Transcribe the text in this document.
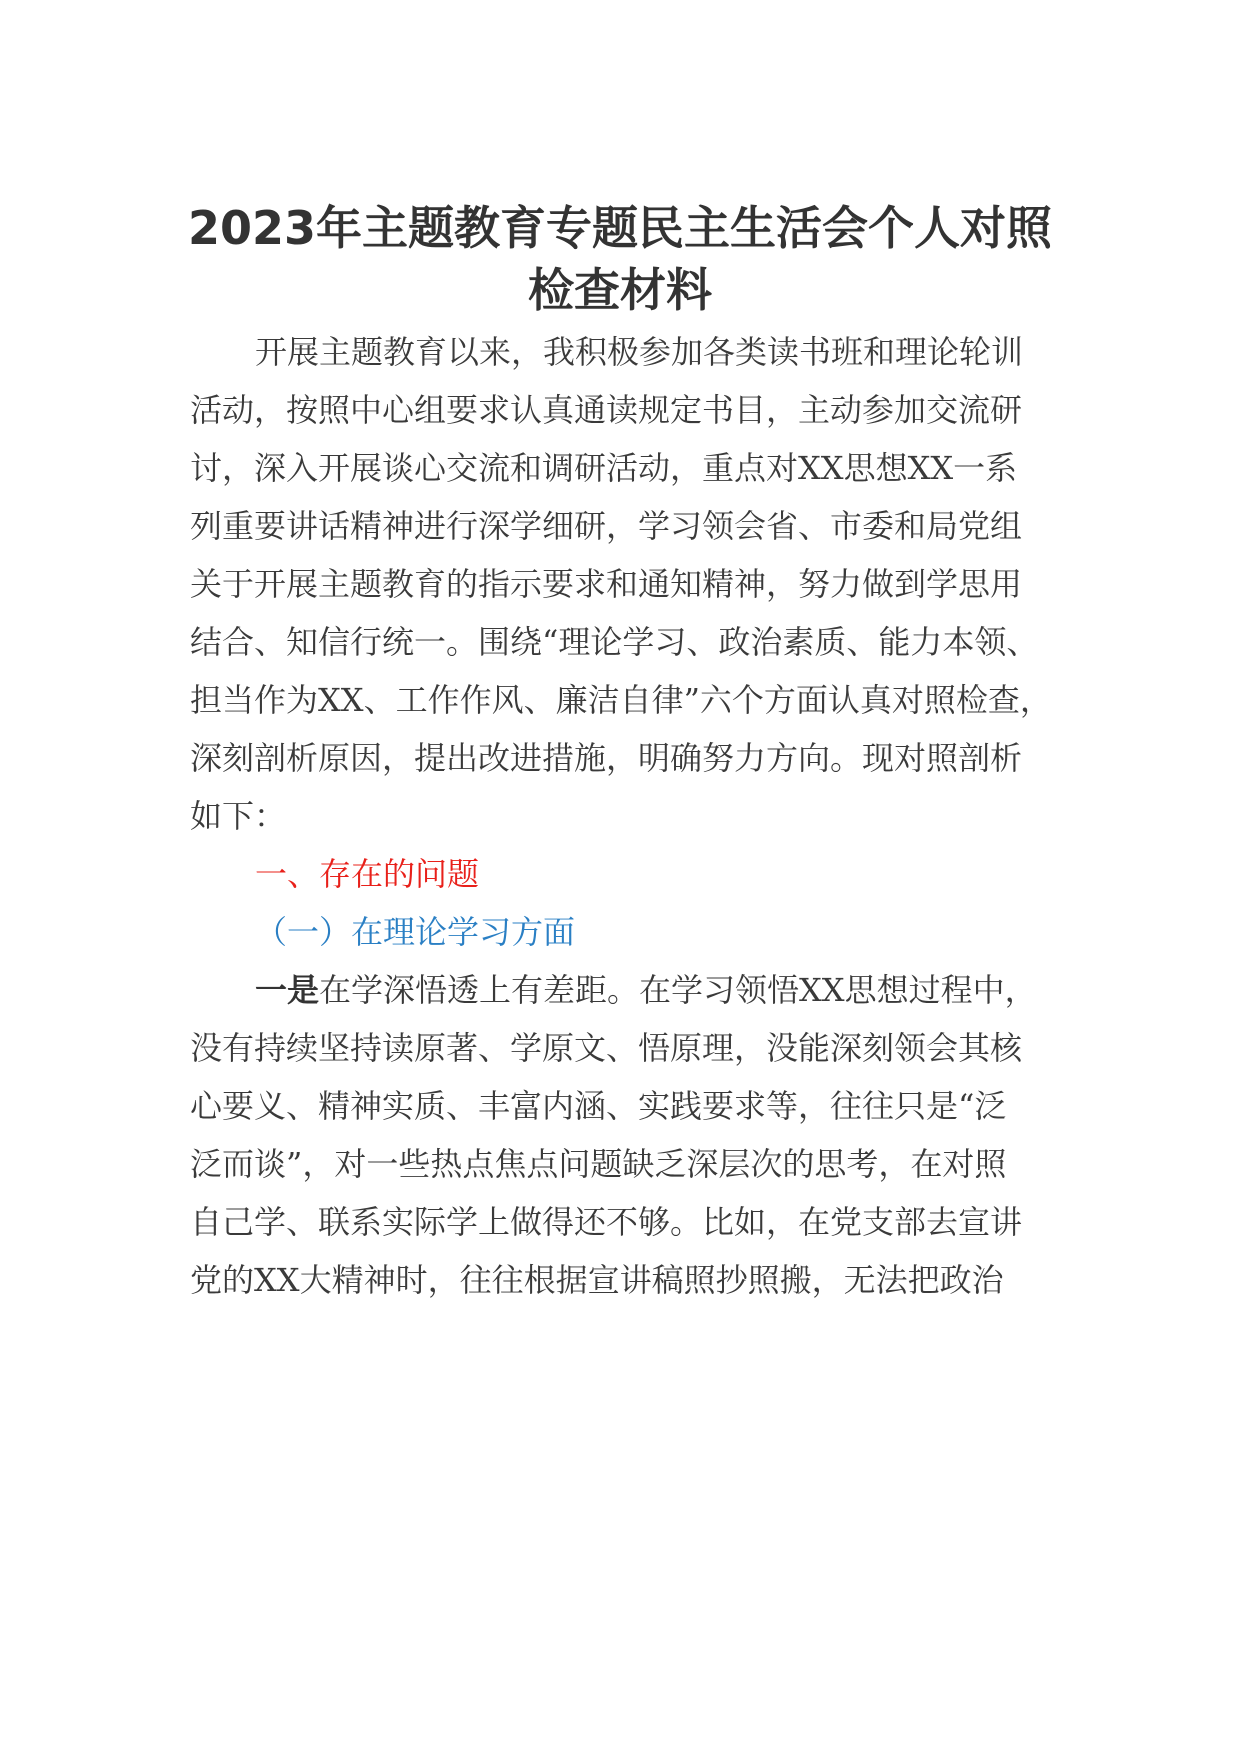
2023年主题教育专题民主生活会个人对照
检查材料

开展主题教育以来，我积极参加各类读书班和理论轮训

活动，按照中心组要求认真通读规定书目，主动参加交流研

讨，深入开展谈心交流和调研活动，重点对XX思想XX一系

列重要讲话精神进行深学细研，学习领会省、市委和局党组

关于开展主题教育的指示要求和通知精神，努力做到学思用

结合、知信行统一。围绕“理论学习、政治素质、能力本领、

担当作为XX、工作作风、廉洁自律”六个方面认真对照检查，

深刻剖析原因，提出改进措施，明确努力方向。现对照剖析

如下：

一、存在的问题

（一）在理论学习方面

一是在学深悟透上有差距。在学习领悟XX思想过程中，

没有持续坚持读原著、学原文、悟原理，没能深刻领会其核

心要义、精神实质、丰富内涵、实践要求等，往往只是“泛

泛而谈”，对一些热点焦点问题缺乏深层次的思考，在对照

自己学、联系实际学上做得还不够。比如，在党支部去宣讲

党的XX大精神时，往往根据宣讲稿照抄照搬，无法把政治
